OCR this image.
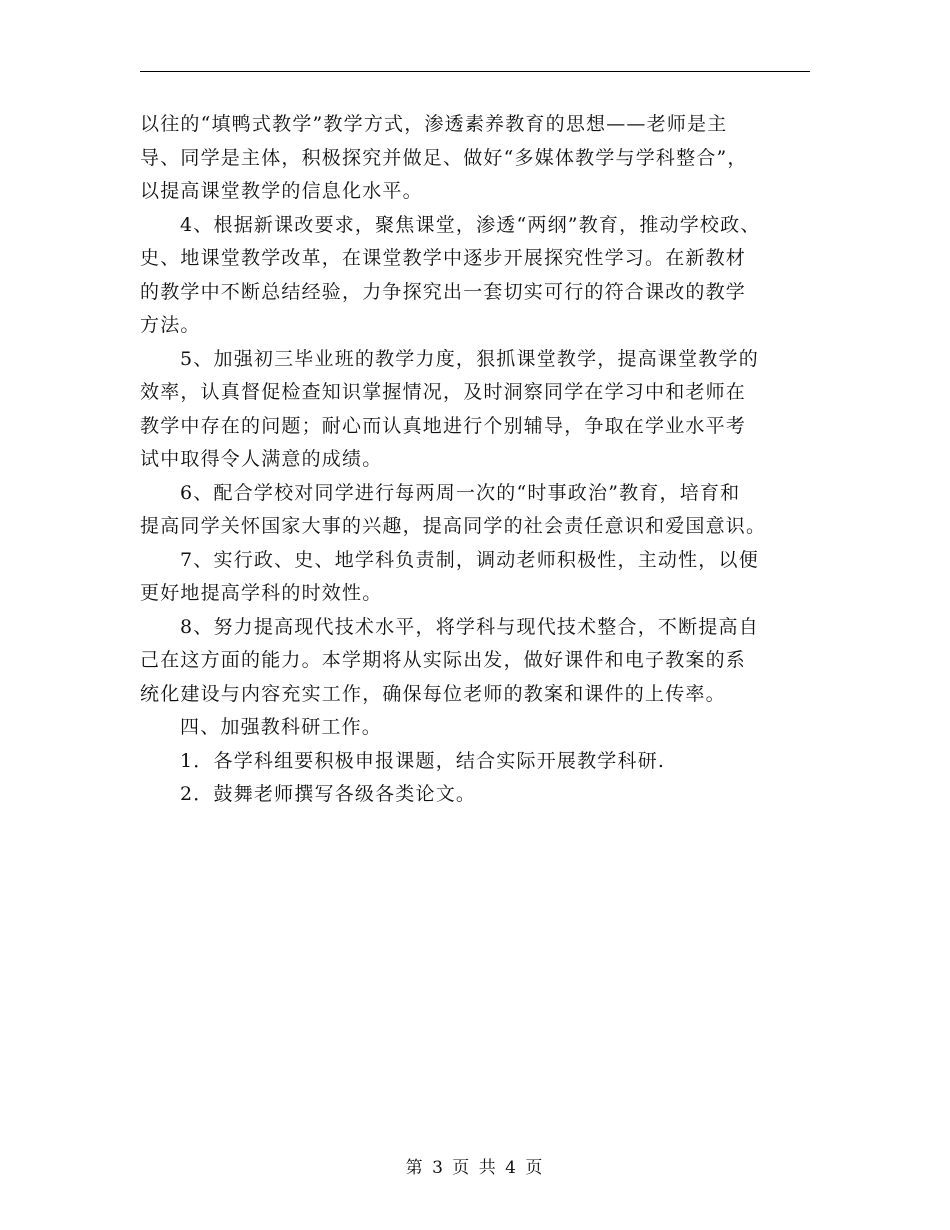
以往的“填鸭式教学”教学方式，渗透素养教育的思想——老师是主
导、同学是主体，积极探究并做足、做好“多媒体教学与学科整合”，
以提高课堂教学的信息化水平。
4、根据新课改要求，聚焦课堂，渗透“两纲”教育，推动学校政、
史、地课堂教学改革，在课堂教学中逐步开展探究性学习。在新教材
的教学中不断总结经验，力争探究出一套切实可行的符合课改的教学
方法。
5、加强初三毕业班的教学力度，狠抓课堂教学，提高课堂教学的
效率，认真督促检查知识掌握情况，及时洞察同学在学习中和老师在
教学中存在的问题；耐心而认真地进行个别辅导，争取在学业水平考
试中取得令人满意的成绩。
6、配合学校对同学进行每两周一次的“时事政治”教育，培育和
提高同学关怀国家大事的兴趣，提高同学的社会责任意识和爱国意识。
7、实行政、史、地学科负责制，调动老师积极性，主动性，以便
更好地提高学科的时效性。
8、努力提高现代技术水平，将学科与现代技术整合，不断提高自
己在这方面的能力。本学期将从实际出发，做好课件和电子教案的系
统化建设与内容充实工作，确保每位老师的教案和课件的上传率。
四、加强教科研工作。
1．各学科组要积极申报课题，结合实际开展教学科研.
2．鼓舞老师撰写各级各类论文。
第 3 页 共 4 页
